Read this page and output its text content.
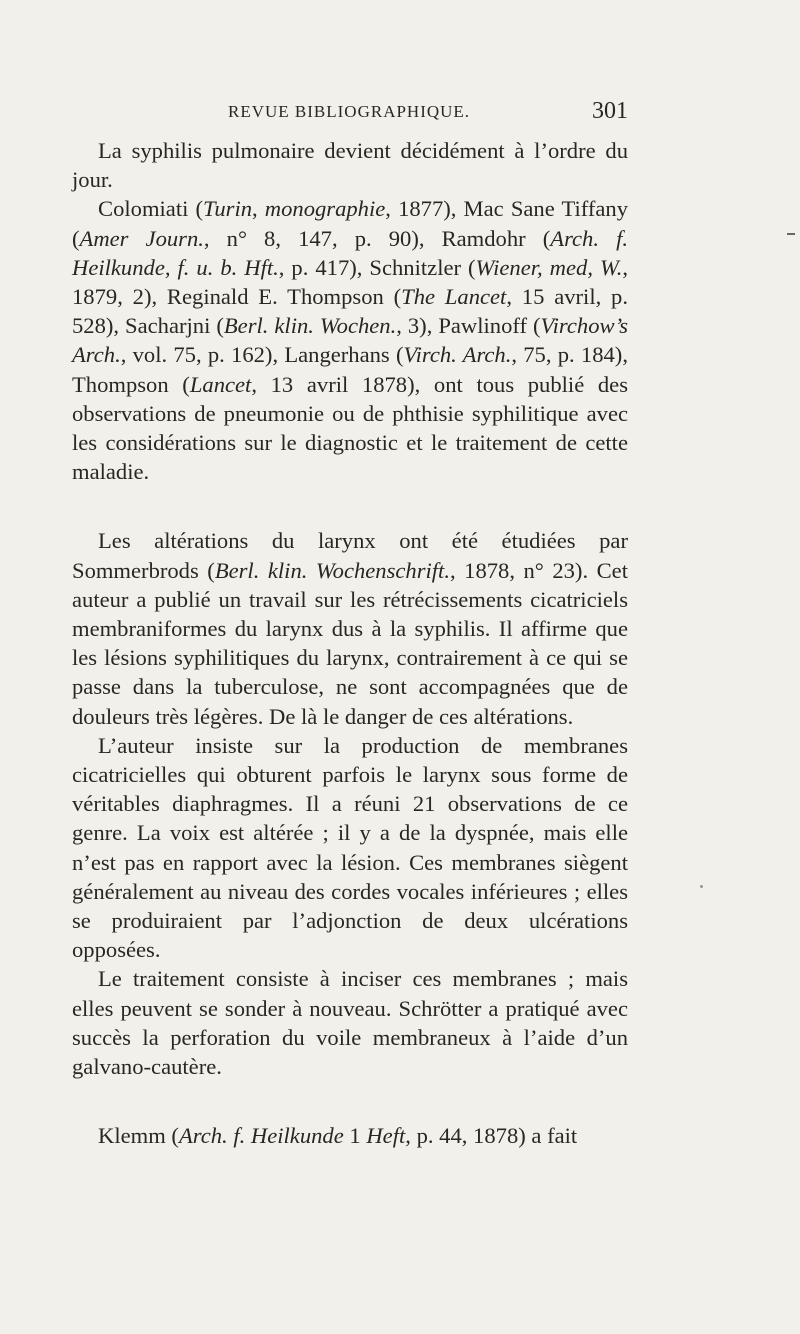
REVUE BIBLIOGRAPHIQUE.	301

La syphilis pulmonaire devient décidément à l’ordre du jour.

Colomiati (Turin, monographie, 1877), Mac Sane Tiffany (Amer Journ., n° 8, 147, p. 90), Ramdohr (Arch. f. Heilkunde, f. u. b. Hft., p. 417), Schnitzler (Wiener, med, W., 1879, 2), Reginald E. Thompson (The Lancet, 15 avril, p. 528), Sacharjni (Berl. klin. Wochen., 3), Pawlinoff (Virchow’s Arch., vol. 75, p. 162), Langerhans (Virch. Arch., 75, p. 184), Thompson (Lancet, 13 avril 1878), ont tous publié des observations de pneumonie ou de phthisie syphilitique avec les considérations sur le diagnostic et le traitement de cette maladie.

Les altérations du larynx ont été étudiées par Sommerbrods (Berl. klin. Wochenschrift., 1878, n° 23). Cet auteur a publié un travail sur les rétrécissements cicatriciels membraniformes du larynx dus à la syphilis. Il affirme que les lésions syphilitiques du larynx, contrairement à ce qui se passe dans la tuberculose, ne sont accompagnées que de douleurs très légères. De là le danger de ces altérations.

L’auteur insiste sur la production de membranes cicatricielles qui obturent parfois le larynx sous forme de véritables diaphragmes. Il a réuni 21 observations de ce genre. La voix est altérée ; il y a de la dyspnée, mais elle n’est pas en rapport avec la lésion. Ces membranes siègent généralement au niveau des cordes vocales inférieures ; elles se produiraient par l’adjonction de deux ulcérations opposées.

Le traitement consiste à inciser ces membranes ; mais elles peuvent se sonder à nouveau. Schrötter a pratiqué avec succès la perforation du voile membraneux à l’aide d’un galvano-cautère.

Klemm (Arch. f. Heilkunde 1 Heft, p. 44, 1878) a fait
